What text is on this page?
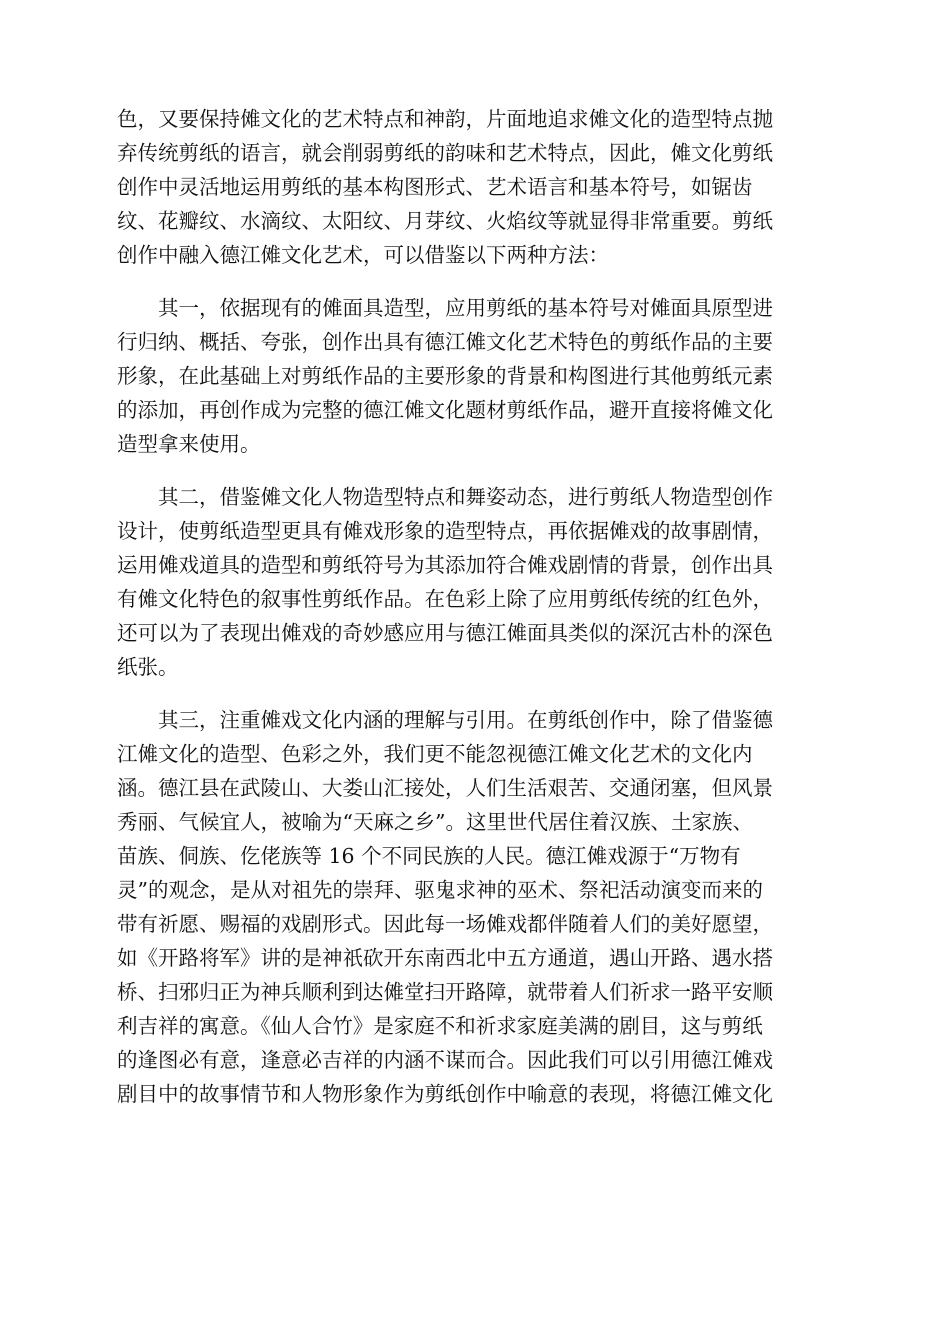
色，又要保持傩文化的艺术特点和神韵，片面地追求傩文化的造型特点抛
弃传统剪纸的语言，就会削弱剪纸的韵味和艺术特点，因此，傩文化剪纸
创作中灵活地运用剪纸的基本构图形式、艺术语言和基本符号，如锯齿
纹、花瓣纹、水滴纹、太阳纹、月芽纹、火焰纹等就显得非常重要。剪纸
创作中融入德江傩文化艺术，可以借鉴以下两种方法：

其一，依据现有的傩面具造型，应用剪纸的基本符号对傩面具原型进
行归纳、概括、夸张，创作出具有德江傩文化艺术特色的剪纸作品的主要
形象，在此基础上对剪纸作品的主要形象的背景和构图进行其他剪纸元素
的添加，再创作成为完整的德江傩文化题材剪纸作品，避开直接将傩文化
造型拿来使用。

其二，借鉴傩文化人物造型特点和舞姿动态，进行剪纸人物造型创作
设计，使剪纸造型更具有傩戏形象的造型特点，再依据傩戏的故事剧情，
运用傩戏道具的造型和剪纸符号为其添加符合傩戏剧情的背景，创作出具
有傩文化特色的叙事性剪纸作品。在色彩上除了应用剪纸传统的红色外，
还可以为了表现出傩戏的奇妙感应用与德江傩面具类似的深沉古朴的深色
纸张。

其三，注重傩戏文化内涵的理解与引用。在剪纸创作中，除了借鉴德
江傩文化的造型、色彩之外，我们更不能忽视德江傩文化艺术的文化内
涵。德江县在武陵山、大娄山汇接处，人们生活艰苦、交通闭塞，但风景
秀丽、气候宜人，被喻为“天麻之乡”。这里世代居住着汉族、土家族、
苗族、侗族、仡佬族等 16 个不同民族的人民。德江傩戏源于“万物有
灵”的观念，是从对祖先的崇拜、驱鬼求神的巫术、祭祀活动演变而来的
带有祈愿、赐福的戏剧形式。因此每一场傩戏都伴随着人们的美好愿望，
如《开路将军》讲的是神祇砍开东南西北中五方通道，遇山开路、遇水搭
桥、扫邪归正为神兵顺利到达傩堂扫开路障，就带着人们祈求一路平安顺
利吉祥的寓意。《仙人合竹》是家庭不和祈求家庭美满的剧目，这与剪纸
的逢图必有意，逢意必吉祥的内涵不谋而合。因此我们可以引用德江傩戏
剧目中的故事情节和人物形象作为剪纸创作中喻意的表现，将德江傩文化
